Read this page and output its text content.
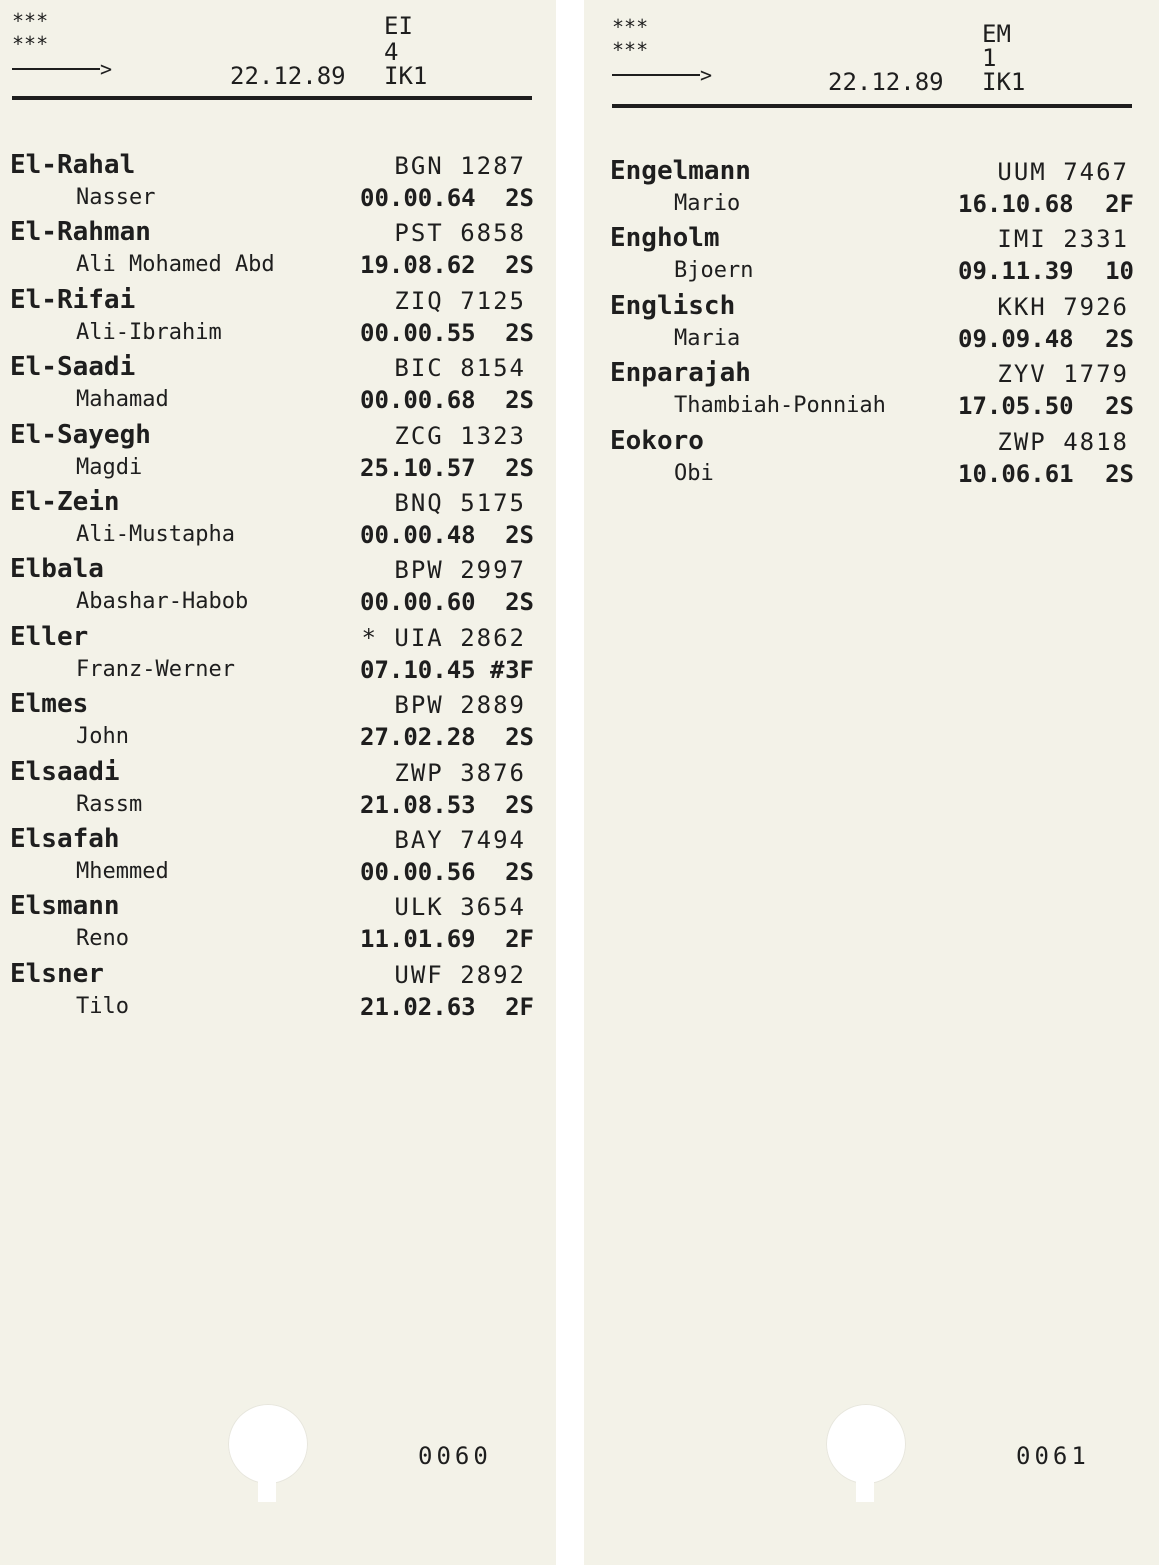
***
***
>
EI
4
22.12.89 IK1
El-Rahal	BGN 1287
Nasser	00.00.64 2S
El-Rahman	PST 6858
Ali Mohamed Abd	19.08.62 2S
El-Rifai	ZIQ 7125
Ali-Ibrahim	00.00.55 2S
El-Saadi	BIC 8154
Mahamad	00.00.68 2S
El-Sayegh	ZCG 1323
Magdi	25.10.57 2S
El-Zein	BNQ 5175
Ali-Mustapha	00.00.48 2S
Elbala	BPW 2997
Abashar-Habob	00.00.60 2S
Eller	* UIA 2862
Franz-Werner	07.10.45 # 3F
Elmes	BPW 2889
John	27.02.28 2S
Elsaadi	ZWP 3876
Rassm	21.08.53 2S
Elsafah	BAY 7494
Mhemmed	00.00.56 2S
Elsmann	ULK 3654
Reno	11.01.69 2F
Elsner	UWF 2892
Tilo	21.02.63 2F
0060
***
***
>
EM
1
22.12.89 IK1
Engelmann	UUM 7467
Mario	16.10.68 2F
Engholm	IMI 2331
Bjoern	09.11.39 10
Englisch	KKH 7926
Maria	09.09.48 2S
Enparajah	ZYV 1779
Thambiah-Ponniah	17.05.50 2S
Eokoro	ZWP 4818
Obi	10.06.61 2S
0061
